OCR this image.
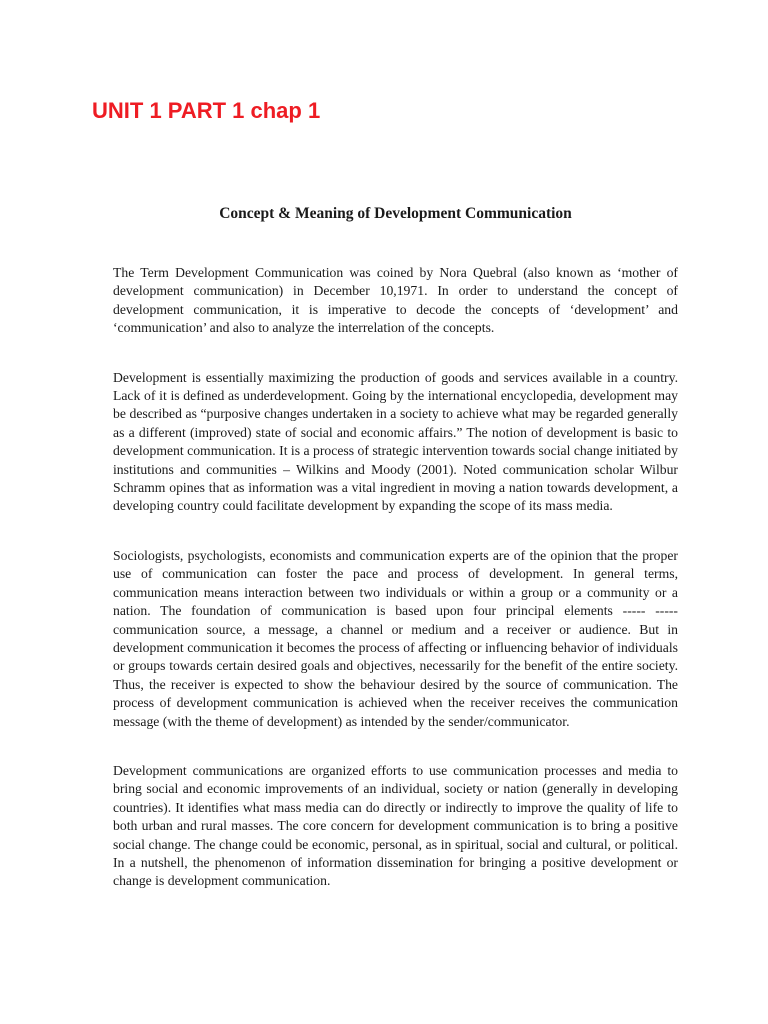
UNIT 1 PART 1 chap 1
Concept & Meaning of Development Communication

The Term Development Communication was coined by Nora Quebral (also known as ‘mother of development communication) in December 10,1971. In order to understand the concept of development communication, it is imperative to decode the concepts of ‘development’ and ‘communication’ and also to analyze the interrelation of the concepts.

Development is essentially maximizing the production of goods and services available in a country. Lack of it is defined as underdevelopment. Going by the international encyclopedia, development may be described as “purposive changes undertaken in a society to achieve what may be regarded generally as a different (improved) state of social and economic affairs.” The notion of development is basic to development communication. It is a process of strategic intervention towards social change initiated by institutions and communities – Wilkins and Moody (2001). Noted communication scholar Wilbur Schramm opines that as information was a vital ingredient in moving a nation towards development, a developing country could facilitate development by expanding the scope of its mass media.

Sociologists, psychologists, economists and communication experts are of the opinion that the proper use of communication can foster the pace and process of development. In general terms, communication means interaction between two individuals or within a group or a community or a nation. The foundation of communication is based upon four principal elements ----- ----- communication source, a message, a channel or medium and a receiver or audience. But in development communication it becomes the process of affecting or influencing behavior of individuals or groups towards certain desired goals and objectives, necessarily for the benefit of the entire society. Thus, the receiver is expected to show the behaviour desired by the source of communication. The process of development communication is achieved when the receiver receives the communication message (with the theme of development) as intended by the sender/communicator.

Development communications are organized efforts to use communication processes and media to bring social and economic improvements of an individual, society or nation (generally in developing countries). It identifies what mass media can do directly or indirectly to improve the quality of life to both urban and rural masses. The core concern for development communication is to bring a positive social change. The change could be economic, personal, as in spiritual, social and cultural, or political. In a nutshell, the phenomenon of information dissemination for bringing a positive development or change is development communication.
